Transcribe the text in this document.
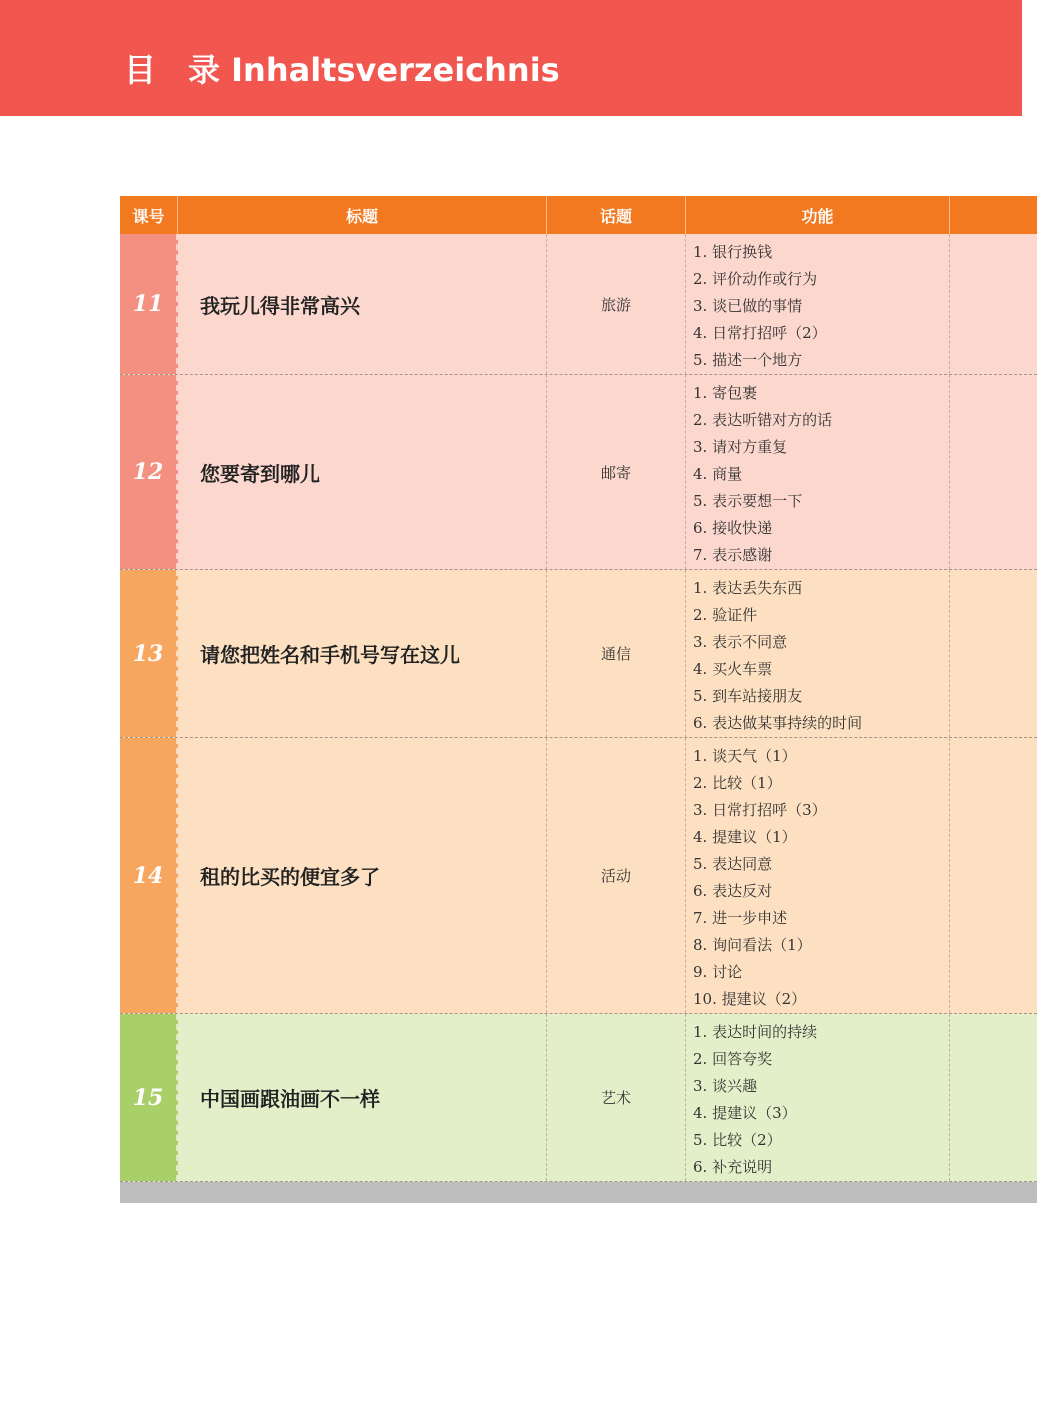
目　录 Inhaltsverzeichnis
课号	标题	话题	功能
11	我玩儿得非常高兴	旅游
1. 银行换钱
2. 评价动作或行为
3. 谈已做的事情
4. 日常打招呼（2）
5. 描述一个地方
12	您要寄到哪儿	邮寄
1. 寄包裹
2. 表达听错对方的话
3. 请对方重复
4. 商量
5. 表示要想一下
6. 接收快递
7. 表示感谢
13	请您把姓名和手机号写在这儿	通信
1. 表达丢失东西
2. 验证件
3. 表示不同意
4. 买火车票
5. 到车站接朋友
6. 表达做某事持续的时间
14	租的比买的便宜多了	活动
1. 谈天气（1）
2. 比较（1）
3. 日常打招呼（3）
4. 提建议（1）
5. 表达同意
6. 表达反对
7. 进一步申述
8. 询问看法（1）
9. 讨论
10. 提建议（2）
15	中国画跟油画不一样	艺术
1. 表达时间的持续
2. 回答夸奖
3. 谈兴趣
4. 提建议（3）
5. 比较（2）
6. 补充说明
